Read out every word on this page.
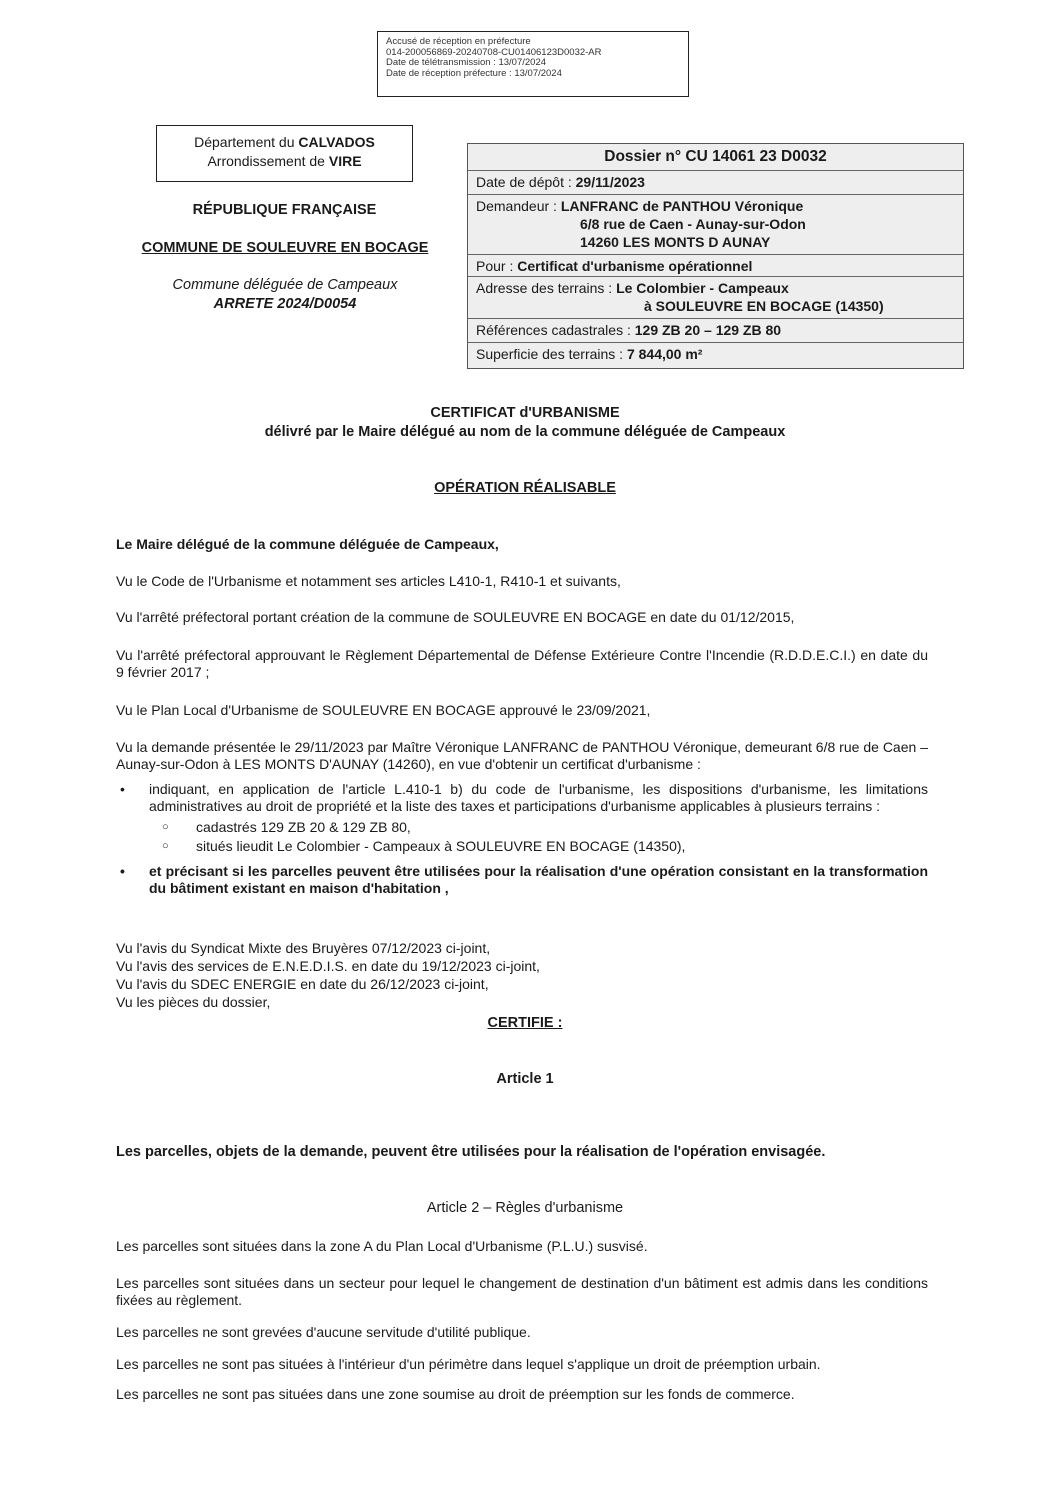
Accusé de réception en préfecture
014-200056869-20240708-CU01406123D0032-AR
Date de télétransmission : 13/07/2024
Date de réception préfecture : 13/07/2024
Département du CALVADOS
Arrondissement de VIRE
RÉPUBLIQUE FRANÇAISE
COMMUNE DE SOULEUVRE EN BOCAGE
Commune déléguée de Campeaux
ARRETE 2024/D0054
Dossier n° CU 14061 23 D0032
Date de dépôt : 29/11/2023
Demandeur : LANFRANC de PANTHOU Véronique
6/8 rue de Caen - Aunay-sur-Odon
14260 LES MONTS D AUNAY
Pour : Certificat d'urbanisme opérationnel
Adresse des terrains : Le Colombier - Campeaux
à SOULEUVRE EN BOCAGE (14350)
Références cadastrales : 129 ZB 20 – 129 ZB 80
Superficie des terrains : 7 844,00 m²
CERTIFICAT d'URBANISME
délivré par le Maire délégué au nom de la commune déléguée de Campeaux
OPÉRATION RÉALISABLE
Le Maire délégué de la commune déléguée de Campeaux,
Vu le Code de l'Urbanisme et notamment ses articles L410-1, R410-1 et suivants,
Vu l'arrêté préfectoral portant création de la commune de SOULEUVRE EN BOCAGE en date du 01/12/2015,
Vu l'arrêté préfectoral approuvant le Règlement Départemental de Défense Extérieure Contre l'Incendie (R.D.D.E.C.I.) en date du 9 février 2017 ;
Vu le Plan Local d'Urbanisme de SOULEUVRE EN BOCAGE approuvé le 23/09/2021,
Vu la demande présentée le 29/11/2023 par Maître Véronique LANFRANC de PANTHOU Véronique, demeurant 6/8 rue de Caen – Aunay-sur-Odon à LES MONTS D'AUNAY (14260), en vue d'obtenir un certificat d'urbanisme :
• indiquant, en application de l'article L.410-1 b) du code de l'urbanisme, les dispositions d'urbanisme, les limitations administratives au droit de propriété et la liste des taxes et participations d'urbanisme applicables à plusieurs terrains :
○ cadastrés 129 ZB 20 & 129 ZB 80,
○ situés lieudit Le Colombier - Campeaux à SOULEUVRE EN BOCAGE (14350),
• et précisant si les parcelles peuvent être utilisées pour la réalisation d'une opération consistant en la transformation du bâtiment existant en maison d'habitation ,
Vu l'avis du Syndicat Mixte des Bruyères 07/12/2023 ci-joint,
Vu l'avis des services de E.N.E.D.I.S. en date du 19/12/2023 ci-joint,
Vu l'avis du SDEC ENERGIE en date du 26/12/2023 ci-joint,
Vu les pièces du dossier,
CERTIFIE :
Article 1
Les parcelles, objets de la demande, peuvent être utilisées pour la réalisation de l'opération envisagée.
Article 2 – Règles d'urbanisme
Les parcelles sont situées dans la zone A du Plan Local d'Urbanisme (P.L.U.) susvisé.
Les parcelles sont situées dans un secteur pour lequel le changement de destination d'un bâtiment est admis dans les conditions fixées au règlement.
Les parcelles ne sont grevées d'aucune servitude d'utilité publique.
Les parcelles ne sont pas situées à l'intérieur d'un périmètre dans lequel s'applique un droit de préemption urbain.
Les parcelles ne sont pas situées dans une zone soumise au droit de préemption sur les fonds de commerce.
